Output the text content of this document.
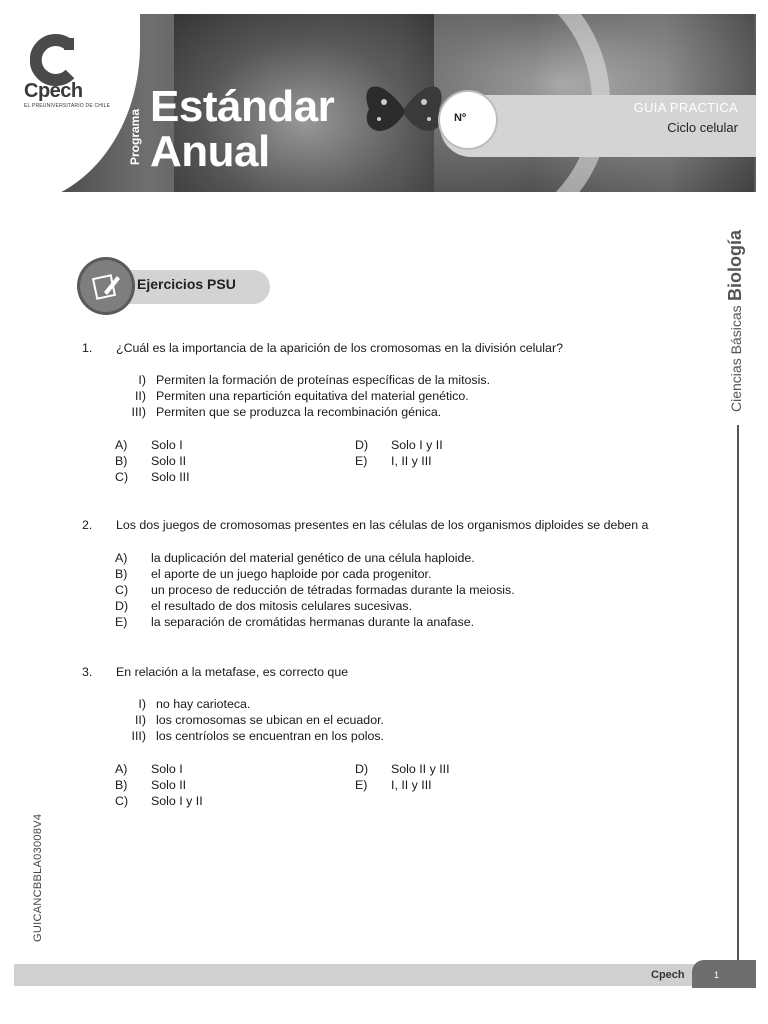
Cpech
EL PREUNIVERSITARIO DE CHILE
Programa
Estándar
Anual
Nº
GUIA PRACTICA
Ciclo celular
Ciencias Básicas Biología
GUICANCBBLA03008V4
Ejercicios PSU
1. ¿Cuál es la importancia de la aparición de los cromosomas en la división celular?
I) Permiten la formación de proteínas específicas de la mitosis.
II) Permiten una repartición equitativa del material genético.
III) Permiten que se produzca la recombinación génica.
A) Solo I
B) Solo II
C) Solo III
D) Solo I y II
E) I, II y III
2. Los dos juegos de cromosomas presentes en las células de los organismos diploides se deben a
A) la duplicación del material genético de una célula haploide.
B) el aporte de un juego haploide por cada progenitor.
C) un proceso de reducción de tétradas formadas durante la meiosis.
D) el resultado de dos mitosis celulares sucesivas.
E) la separación de cromátidas hermanas durante la anafase.
3. En relación a la metafase, es correcto que
I) no hay carioteca.
II) los cromosomas se ubican en el ecuador.
III) los centríolos se encuentran en los polos.
A) Solo I
B) Solo II
C) Solo I y II
D) Solo II y III
E) I, II y III
Cpech	1
